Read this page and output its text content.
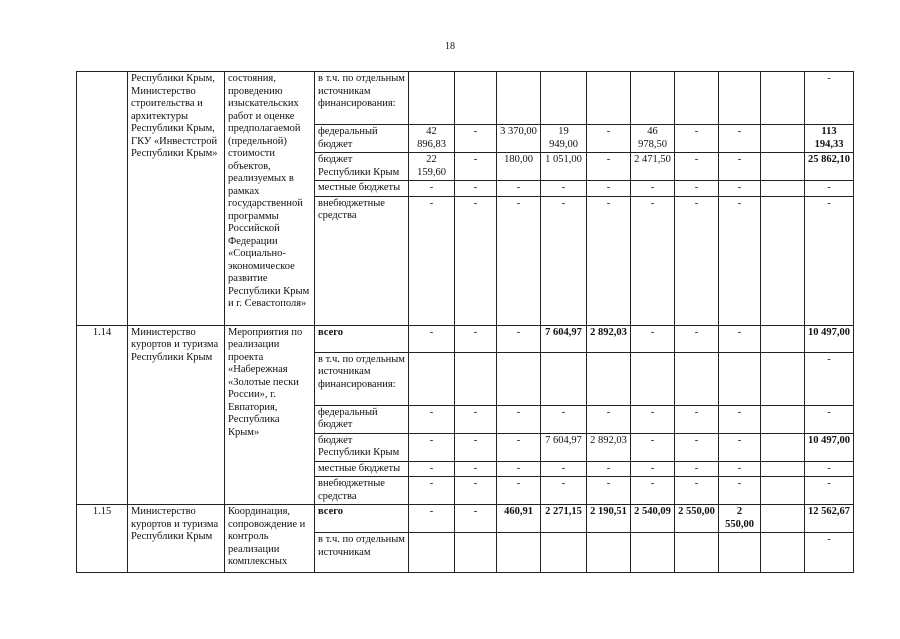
18
	Республики Крым, Министерство строительства и архитектуры Республики Крым, ГКУ «Инвестстрой Республики Крым»	состояния, проведению изыскательских работ и оценке предполагаемой (предельной) стоимости объектов, реализуемых в рамках государственной программы Российской Федерации «Социально-экономическое развитие Республики Крым и г. Севастополя»	в т.ч. по отдельным источникам финансирования:										-
			федеральный бюджет	42 896,83	-	3 370,00	19 949,00	-	46 978,50	-	-		113 194,33
			бюджет Республики Крым	22 159,60	-	180,00	1 051,00	-	2 471,50	-	-		25 862,10
			местные бюджеты	-	-	-	-	-	-	-	-		-
			внебюджетные средства	-	-	-	-	-	-	-	-		-
1.14	Министерство курортов и туризма Республики Крым	Мероприятия по реализации проекта «Набережная «Золотые пески России», г. Евпатория, Республика Крым»	всего	-	-	-	7 604,97	2 892,03	-	-	-		10 497,00
			в т.ч. по отдельным источникам финансирования:										-
			федеральный бюджет	-	-	-	-	-	-	-	-		-
			бюджет Республики Крым	-	-	-	7 604,97	2 892,03	-	-	-		10 497,00
			местные бюджеты	-	-	-	-	-	-	-	-		-
			внебюджетные средства	-	-	-	-	-	-	-	-		-
1.15	Министерство курортов и туризма Республики Крым	Координация, сопровождение и контроль реализации комплексных	всего	-	-	460,91	2 271,15	2 190,51	2 540,09	2 550,00	2 550,00		12 562,67
			в т.ч. по отдельным источникам										-
